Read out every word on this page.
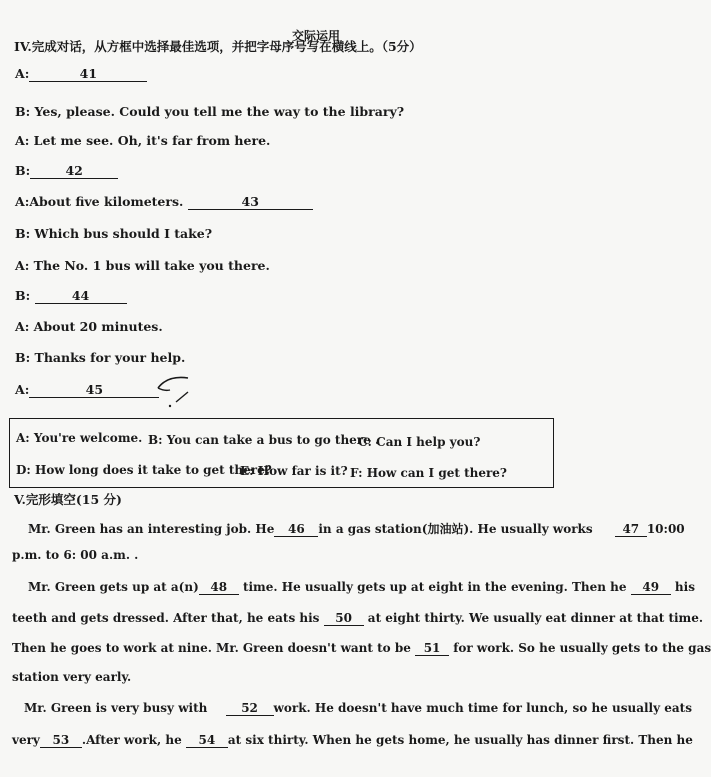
交际运用
IV.完成对话，从方框中选择最佳选项，并把字母序号写在横线上。（5分）
A:	41
B: Yes, please. Could you tell me the way to the library?
A: Let me see. Oh, it's far from here.
B:	42
A:About five kilometers.	43
B: Which bus should I take?
A: The No. 1 bus will take you there.
B:	44
A: About 20 minutes.
B: Thanks for your help.
A:	45
A: You're welcome. B: You can take a bus to go there .
C: Can I help you?
D: How long does it take to get there?
E: How far is it? F: How can I get there?
V.完形填空(15 分)
Mr. Green has an interesting job. He 46 in a gas station(加油站). He usually works 47 10:00
p.m. to 6: 00 a.m. .
Mr. Green gets up at a(n) 48 time. He usually gets up at eight in the evening. Then he 49 his
teeth and gets dressed. After that, he eats his 50 at eight thirty. We usually eat dinner at that time.
Then he goes to work at nine. Mr. Green doesn't want to be 51 for work. So he usually gets to the gas
station very early.
Mr. Green is very busy with	52 work. He doesn't have much time for lunch, so he usually eats
very 53 .After work, he 54 at six thirty. When he gets home, he usually has dinner first. Then he
